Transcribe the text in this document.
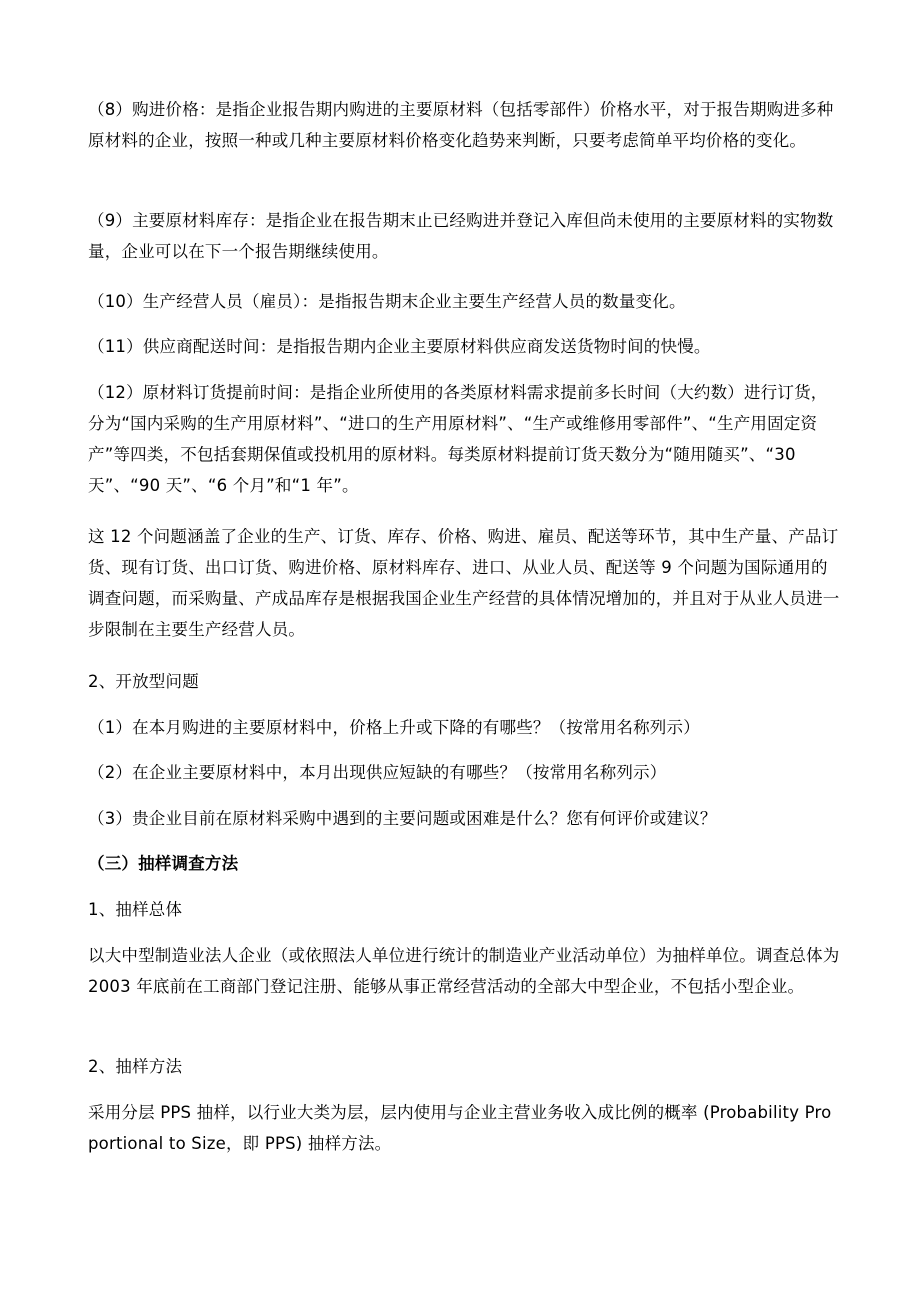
（8）购进价格：是指企业报告期内购进的主要原材料（包括零部件）价格水平，对于报告期购进多种原材料的企业，按照一种或几种主要原材料价格变化趋势来判断，只要考虑简单平均价格的变化。

（9）主要原材料库存：是指企业在报告期末止已经购进并登记入库但尚未使用的主要原材料的实物数量，企业可以在下一个报告期继续使用。

（10）生产经营人员（雇员）：是指报告期末企业主要生产经营人员的数量变化。

（11）供应商配送时间：是指报告期内企业主要原材料供应商发送货物时间的快慢。

（12）原材料订货提前时间：是指企业所使用的各类原材料需求提前多长时间（大约数）进行订货，分为“国内采购的生产用原材料”、“进口的生产用原材料”、“生产或维修用零部件”、“生产用固定资产”等四类，不包括套期保值或投机用的原材料。每类原材料提前订货天数分为“随用随买”、“30 天”、“90 天”、“6 个月”和“1 年”。

这 12 个问题涵盖了企业的生产、订货、库存、价格、购进、雇员、配送等环节，其中生产量、产品订货、现有订货、出口订货、购进价格、原材料库存、进口、从业人员、配送等 9 个问题为国际通用的调查问题，而采购量、产成品库存是根据我国企业生产经营的具体情况增加的，并且对于从业人员进一步限制在主要生产经营人员。

2、开放型问题

（1）在本月购进的主要原材料中，价格上升或下降的有哪些？（按常用名称列示）

（2）在企业主要原材料中，本月出现供应短缺的有哪些？（按常用名称列示）

（3）贵企业目前在原材料采购中遇到的主要问题或困难是什么？您有何评价或建议？

（三）抽样调查方法

1、抽样总体

以大中型制造业法人企业（或依照法人单位进行统计的制造业产业活动单位）为抽样单位。调查总体为 2003 年底前在工商部门登记注册、能够从事正常经营活动的全部大中型企业，不包括小型企业。

2、抽样方法

采用分层 PPS 抽样，以行业大类为层，层内使用与企业主营业务收入成比例的概率 (Probability Proportional to Size，即 PPS) 抽样方法。
